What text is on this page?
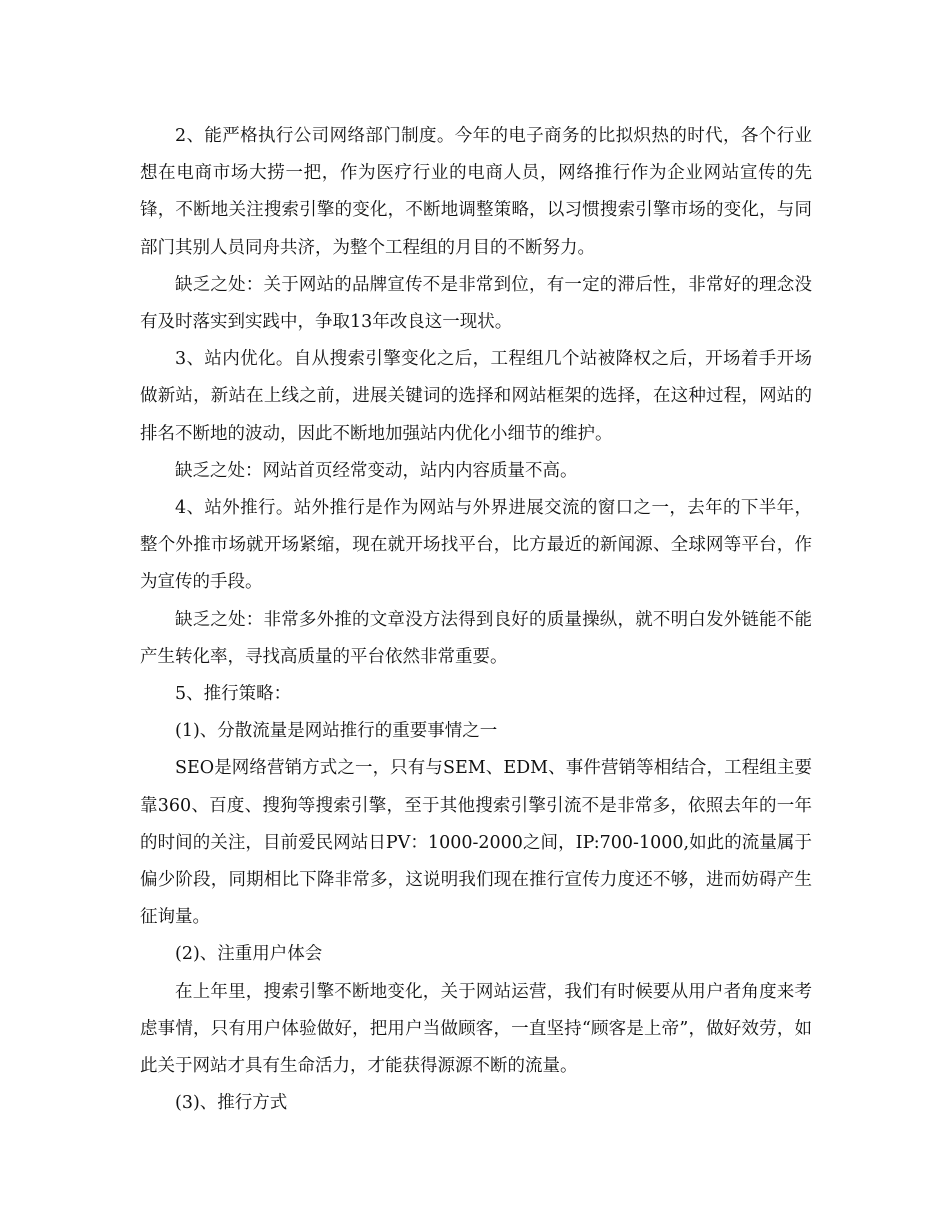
2、能严格执行公司网络部门制度。今年的电子商务的比拟炽热的时代，各个行业想在电商市场大捞一把，作为医疗行业的电商人员，网络推行作为企业网站宣传的先锋，不断地关注搜索引擎的变化，不断地调整策略，以习惯搜索引擎市场的变化，与同部门其别人员同舟共济，为整个工程组的月目的不断努力。

缺乏之处：关于网站的品牌宣传不是非常到位，有一定的滞后性，非常好的理念没有及时落实到实践中，争取13年改良这一现状。

3、站内优化。自从搜索引擎变化之后，工程组几个站被降权之后，开场着手开场做新站，新站在上线之前，进展关键词的选择和网站框架的选择，在这种过程，网站的排名不断地的波动，因此不断地加强站内优化小细节的维护。

缺乏之处：网站首页经常变动，站内内容质量不高。

4、站外推行。站外推行是作为网站与外界进展交流的窗口之一，去年的下半年，整个外推市场就开场紧缩，现在就开场找平台，比方最近的新闻源、全球网等平台，作为宣传的手段。

缺乏之处：非常多外推的文章没方法得到良好的质量操纵，就不明白发外链能不能产生转化率，寻找高质量的平台依然非常重要。

5、推行策略：

(1)、分散流量是网站推行的重要事情之一

SEO是网络营销方式之一，只有与SEM、EDM、事件营销等相结合，工程组主要靠360、百度、搜狗等搜索引擎，至于其他搜索引擎引流不是非常多，依照去年的一年的时间的关注，目前爱民网站日PV：1000-2000之间，IP:700-1000,如此的流量属于偏少阶段，同期相比下降非常多，这说明我们现在推行宣传力度还不够，进而妨碍产生征询量。

(2)、注重用户体会

在上年里，搜索引擎不断地变化，关于网站运营，我们有时候要从用户者角度来考虑事情，只有用户体验做好，把用户当做顾客，一直坚持“顾客是上帝”，做好效劳，如此关于网站才具有生命活力，才能获得源源不断的流量。

(3)、推行方式
